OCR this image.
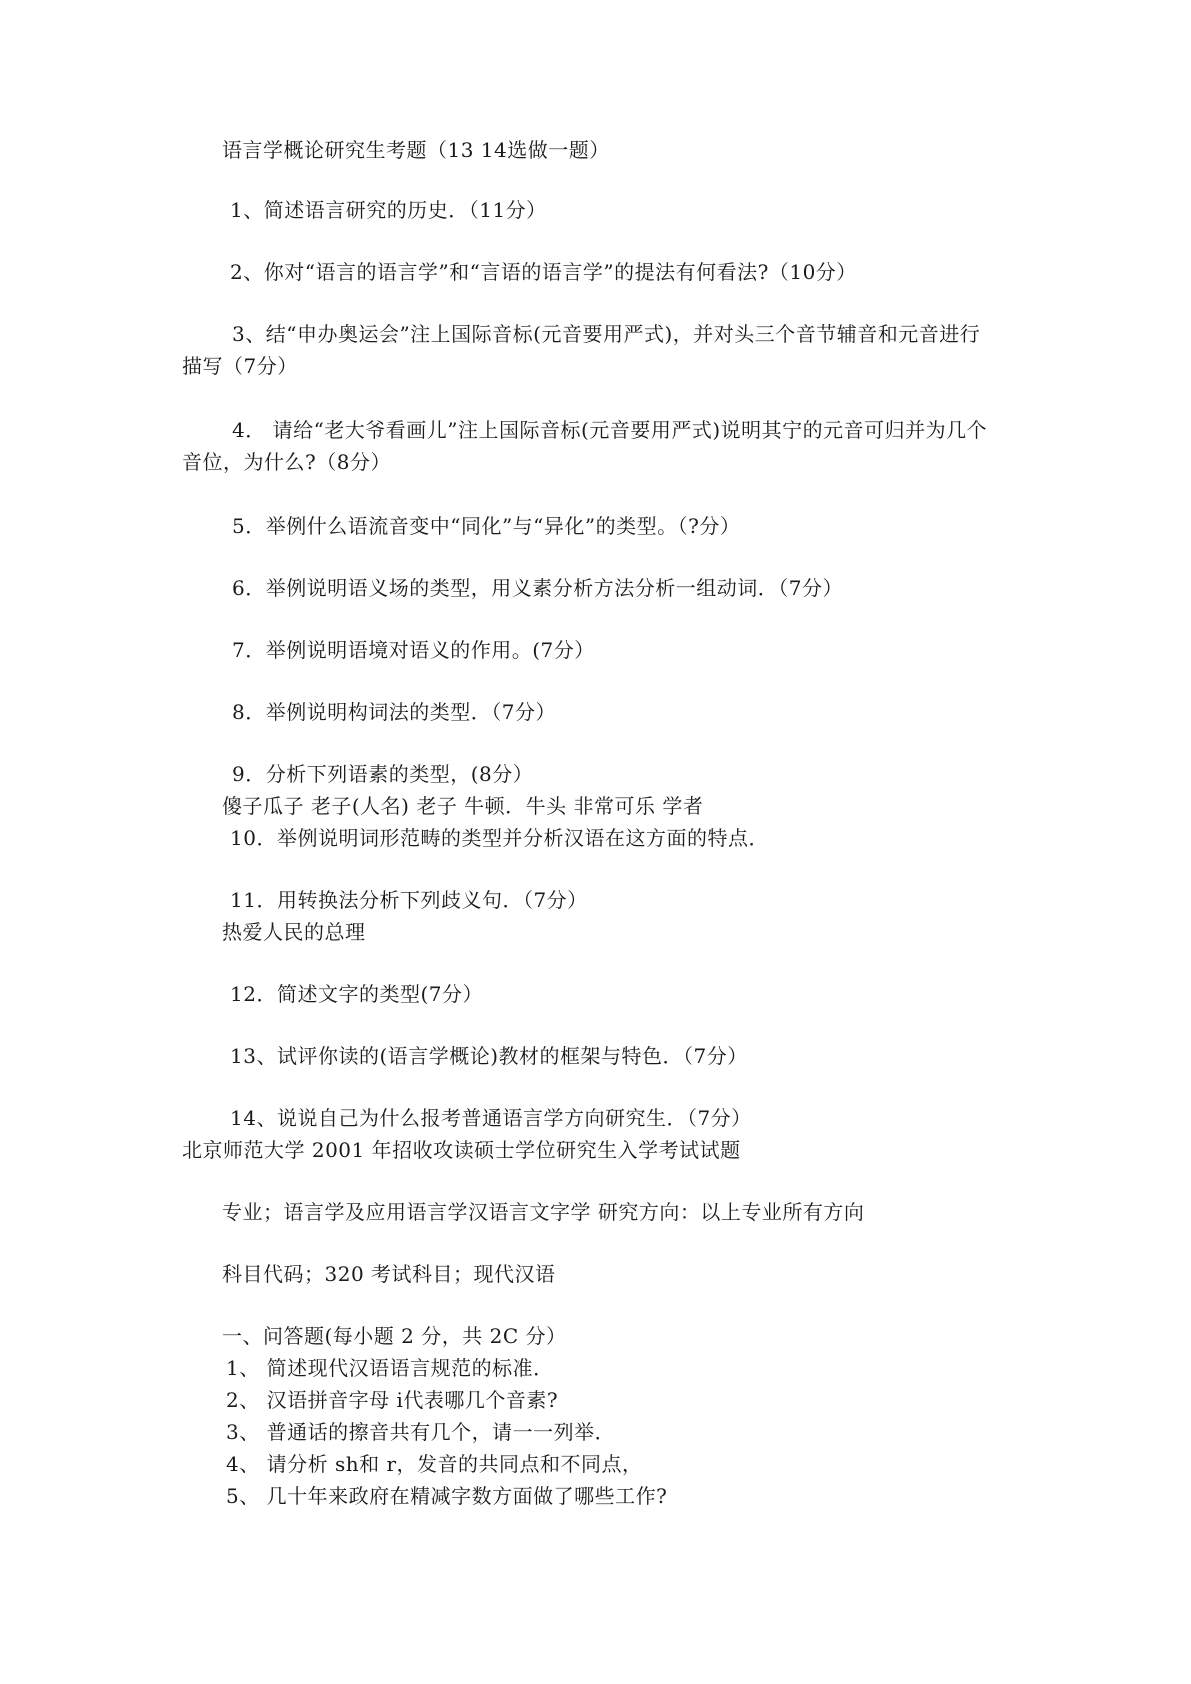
语言学概论研究生考题（13 14选做一题）
1、简述语言研究的历史．（11分）
2、你对“语言的语言学”和“言语的语言学”的提法有何看法?（10分）
3、结“申办奥运会”注上国际音标(元音要用严式)，并对头三个音节辅音和元音进行
描写（7分）
4． 请给“老大爷看画儿”注上国际音标(元音要用严式)说明其宁的元音可归并为几个
音位，为什么?（8分）
5．举例什么语流音变中“同化”与“异化”的类型。（?分）
6．举例说明语义场的类型，用义素分析方法分析一组动词．（7分）
7．举例说明语境对语义的作用。(7分）
8．举例说明构词法的类型．（7分）
9．分析下列语素的类型，(8分）
傻子瓜子 老子(人名) 老子 牛顿．牛头 非常可乐 学者
10．举例说明词形范畴的类型并分析汉语在这方面的特点．
11．用转换法分析下列歧义句．（7分）
热爱人民的总理
12．简述文字的类型(7分）
13、试评你读的(语言学概论)教材的框架与特色．（7分）
14、说说自己为什么报考普通语言学方向研究生．（7分）
北京师范大学 2001 年招收攻读硕士学位研究生入学考试试题
专业；语言学及应用语言学汉语言文字学 研究方向：以上专业所有方向
科目代码；320 考试科目；现代汉语
一、问答题(每小题 2 分，共 2C 分）
1、 简述现代汉语语言规范的标准．
2、 汉语拼音字母 i代表哪几个音素?
3、 普通话的擦音共有几个，请一一列举．
4、 请分析 sh和 r，发音的共同点和不同点，
5、 几十年来政府在精减字数方面做了哪些工作?
